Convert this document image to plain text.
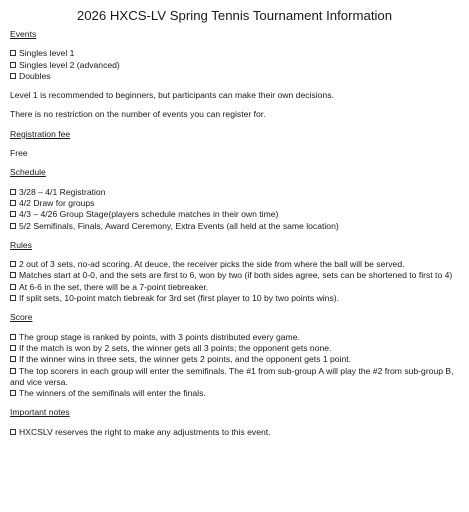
2026 HXCS-LV Spring Tennis Tournament Information
Events
Singles level 1
Singles level 2 (advanced)
Doubles
Level 1 is recommended to beginners, but participants can make their own decisions.
There is no restriction on the number of events you can register for.
Registration fee
Free
Schedule
3/28 – 4/1 Registration
4/2 Draw for groups
4/3 – 4/26 Group Stage(players schedule matches in their own time)
5/2 Semifinals, Finals, Award Ceremony, Extra Events (all held at the same location)
Rules
2 out of 3 sets, no-ad scoring. At deuce, the receiver picks the side from where the ball will be served.
Matches start at 0-0, and the sets are first to 6, won by two (if both sides agree, sets can be shortened to first to 4)
At 6-6 in the set, there will be a 7-point tiebreaker.
If split sets, 10-point match tiebreak for 3rd set (first player to 10 by two points wins).
Score
The group stage is ranked by points, with 3 points distributed every game.
If the match is won by 2 sets, the winner gets all 3 points; the opponent gets none.
If the winner wins in three sets, the winner gets 2 points, and the opponent gets 1 point.
The top scorers in each group will enter the semifinals. The #1 from sub-group A will play the #2 from sub-group B, and vice versa.
The winners of the semifinals will enter the finals.
Important notes
HXCSLV reserves the right to make any adjustments to this event.
